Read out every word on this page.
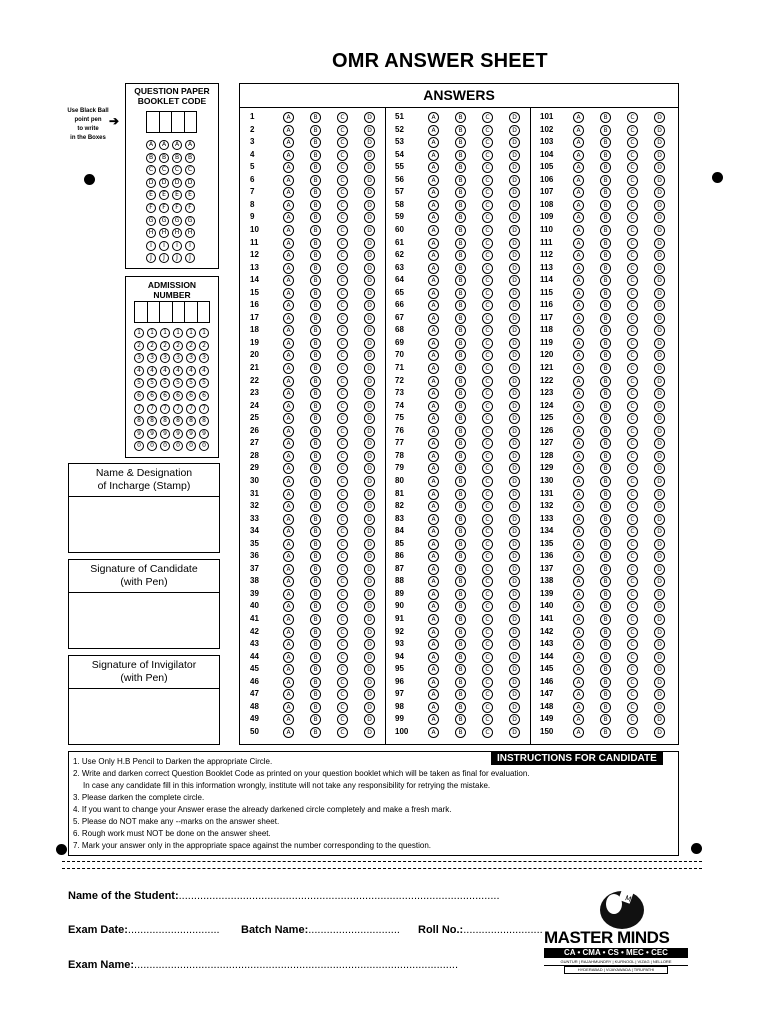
OMR ANSWER SHEET
Use Black Ball
point pen
to write
in the Boxes
➔
QUESTION PAPER
BOOKLET CODE
A	A	A	A
B	B	B	B
C	C	C	C
D	D	D	D
E	E	E	E
F	F	F	F
G	G	G	G
H	H	H	H
I	I	I	I
J	J	J	J
ADMISSION
NUMBER
1	1	1	1	1	1
2	2	2	2	2	2
3	3	3	3	3	3
4	4	4	4	4	4
5	5	5	5	5	5
6	6	6	6	6	6
7	7	7	7	7	7
8	8	8	8	8	8
9	9	9	9	9	9
0	0	0	0	0	0
Name & Designation
of Incharge (Stamp)
Signature of Candidate
(with Pen)
Signature of Invigilator
(with Pen)
ANSWERS
1	A	B	C	D
2	A	B	C	D
3	A	B	C	D
4	A	B	C	D
5	A	B	C	D
6	A	B	C	D
7	A	B	C	D
8	A	B	C	D
9	A	B	C	D
10	A	B	C	D
11	A	B	C	D
12	A	B	C	D
13	A	B	C	D
14	A	B	C	D
15	A	B	C	D
16	A	B	C	D
17	A	B	C	D
18	A	B	C	D
19	A	B	C	D
20	A	B	C	D
21	A	B	C	D
22	A	B	C	D
23	A	B	C	D
24	A	B	C	D
25	A	B	C	D
26	A	B	C	D
27	A	B	C	D
28	A	B	C	D
29	A	B	C	D
30	A	B	C	D
31	A	B	C	D
32	A	B	C	D
33	A	B	C	D
34	A	B	C	D
35	A	B	C	D
36	A	B	C	D
37	A	B	C	D
38	A	B	C	D
39	A	B	C	D
40	A	B	C	D
41	A	B	C	D
42	A	B	C	D
43	A	B	C	D
44	A	B	C	D
45	A	B	C	D
46	A	B	C	D
47	A	B	C	D
48	A	B	C	D
49	A	B	C	D
50	A	B	C	D
51	A	B	C	D
52	A	B	C	D
53	A	B	C	D
54	A	B	C	D
55	A	B	C	D
56	A	B	C	D
57	A	B	C	D
58	A	B	C	D
59	A	B	C	D
60	A	B	C	D
61	A	B	C	D
62	A	B	C	D
63	A	B	C	D
64	A	B	C	D
65	A	B	C	D
66	A	B	C	D
67	A	B	C	D
68	A	B	C	D
69	A	B	C	D
70	A	B	C	D
71	A	B	C	D
72	A	B	C	D
73	A	B	C	D
74	A	B	C	D
75	A	B	C	D
76	A	B	C	D
77	A	B	C	D
78	A	B	C	D
79	A	B	C	D
80	A	B	C	D
81	A	B	C	D
82	A	B	C	D
83	A	B	C	D
84	A	B	C	D
85	A	B	C	D
86	A	B	C	D
87	A	B	C	D
88	A	B	C	D
89	A	B	C	D
90	A	B	C	D
91	A	B	C	D
92	A	B	C	D
93	A	B	C	D
94	A	B	C	D
95	A	B	C	D
96	A	B	C	D
97	A	B	C	D
98	A	B	C	D
99	A	B	C	D
100	A	B	C	D
101	A	B	C	D
102	A	B	C	D
103	A	B	C	D
104	A	B	C	D
105	A	B	C	D
106	A	B	C	D
107	A	B	C	D
108	A	B	C	D
109	A	B	C	D
110	A	B	C	D
111	A	B	C	D
112	A	B	C	D
113	A	B	C	D
114	A	B	C	D
115	A	B	C	D
116	A	B	C	D
117	A	B	C	D
118	A	B	C	D
119	A	B	C	D
120	A	B	C	D
121	A	B	C	D
122	A	B	C	D
123	A	B	C	D
124	A	B	C	D
125	A	B	C	D
126	A	B	C	D
127	A	B	C	D
128	A	B	C	D
129	A	B	C	D
130	A	B	C	D
131	A	B	C	D
132	A	B	C	D
133	A	B	C	D
134	A	B	C	D
135	A	B	C	D
136	A	B	C	D
137	A	B	C	D
138	A	B	C	D
139	A	B	C	D
140	A	B	C	D
141	A	B	C	D
142	A	B	C	D
143	A	B	C	D
144	A	B	C	D
145	A	B	C	D
146	A	B	C	D
147	A	B	C	D
148	A	B	C	D
149	A	B	C	D
150	A	B	C	D
INSTRUCTIONS FOR CANDIDATE
1. Use Only H.B Pencil to Darken the appropriate Circle.
2. Write and darken correct Question Booklet Code as printed on your question booklet which will be taken as final for evaluation.
In case any candidate fill in this information wrongly, institute will not take any responsibility for retrying the mistake.
3. Please darken the complete circle.
4. If you want to change your Answer erase the already darkened circle completely and make a fresh mark.
5. Please do NOT make any --marks on the answer sheet.
6. Rough work must NOT be done on the answer sheet.
7. Mark your answer only in the appropriate space against the number corresponding to the question.
Name of the Student:.........................................................................................................
Exam Date:.............................. Batch Name:.............................. Roll No.:..........................
Exam Name:..........................................................................................................
M
MASTER MINDS
CA • CMA • CS • MEC • CEC
GUNTUR | RAJAHMUNDRY | KURNOOL | VIZAG | NELLORE
HYDERABAD | VIJAYAWADA | TIRUPATHI
